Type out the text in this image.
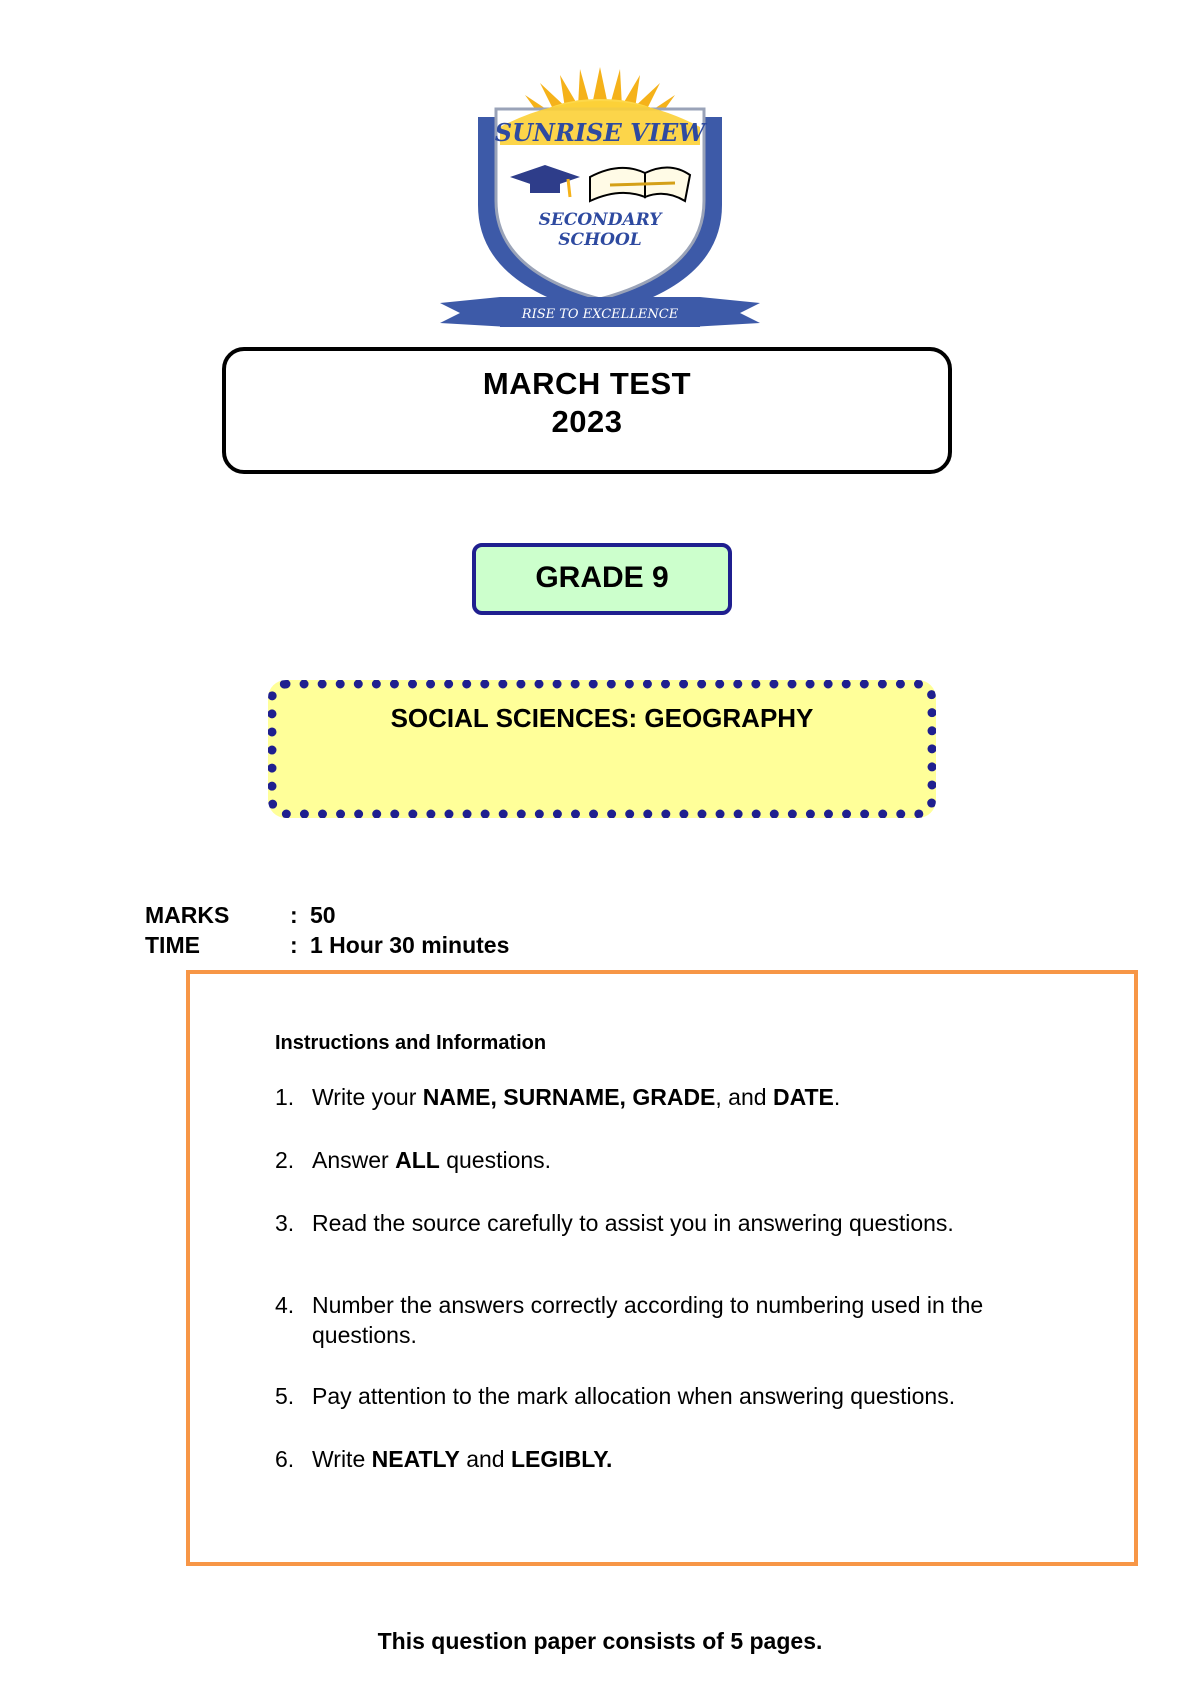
SUNRISE VIEW
SECONDARY
SCHOOL
RISE TO EXCELLENCE
MARCH TEST
2023
GRADE 9
SOCIAL SCIENCES: GEOGRAPHY
MARKS	: 50
TIME	: 1 Hour 30 minutes
Instructions and Information
1. Write your NAME, SURNAME, GRADE, and DATE.
2. Answer ALL questions.
3. Read the source carefully to assist you in answering questions.
4. Number the answers correctly according to numbering used in the questions.
5. Pay attention to the mark allocation when answering questions.
6. Write NEATLY and LEGIBLY.
This question paper consists of 5 pages.
